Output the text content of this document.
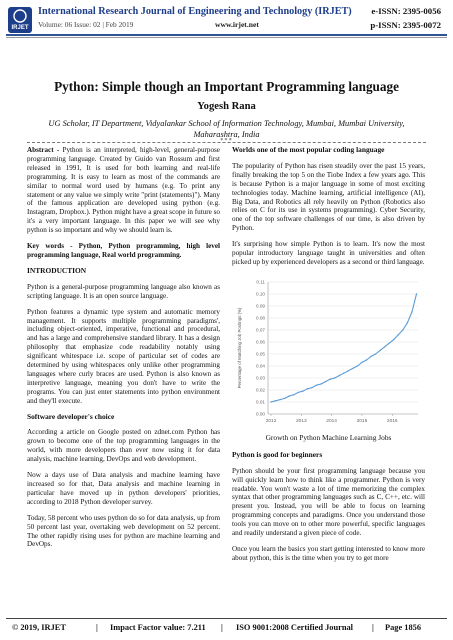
IRJET
International Research Journal of Engineering and Technology (IRJET)
Volume: 06 Issue: 02 | Feb 2019	www.irjet.net
e-ISSN: 2395-0056
p-ISSN: 2395-0072
Python: Simple though an Important Programming language
Yogesh Rana
UG Scholar, IT Department, Vidyalankar School of Information Technology, Mumbai, Mumbai University, Maharashtra, India
***

Abstract - Python is an interpreted, high-level, general-purpose programming language. Created by Guido van Rossum and first released in 1991, It is used for both learning and real-life programming. It is easy to learn as most of the commands are similar to normal word used by humans (e.g. To print any statement or any value we simply write "print (statements)"). Many of the famous application are developed using python (e.g. Instagram, Dropbox.). Python might have a great scope in future so it's a very important language. In this paper we will see why python is so important and why we should learn is.

Key words - Python, Python programming, high level programming language, Real world programming.

INTRODUCTION

Python is a general-purpose programming language also known as scripting language. It is an open source language.

Python features a dynamic type system and automatic memory management. It supports multiple programming paradigms', including object-oriented, imperative, functional and procedural, and has a large and comprehensive standard library. It has a design philosophy that emphasize code readability notably using significant whitespace i.e. scope of particular set of codes are determined by using whitespaces only unlike other programming languages where curly braces are used. Python is also known as interpretive language, meaning you don't have to write the programs. You can just enter statements into python environment and they'll execute.

Software developer's choice

According a article on Google posted on zdnet.com Python has grown to become one of the top programming languages in the world, with more developers than ever now using it for data analysis, machine learning, DevOps and web development.

Now a days use of Data analysis and machine learning have increased so for that, Data analysis and machine learning in particular have moved up in python developers' priorities, according to 2018 Python developer survey.

Today, 58 percent who uses python do so for data analysis, up from 50 percent last year, overtaking web development on 52 percent. The other rapidly rising uses for python are machine learning and DevOps.

Worlds one of the most popular coding language

The popularity of Python has risen steadily over the past 15 years, finally breaking the top 5 on the Tiobe Index a few years ago. This is because Python is a major language in some of most exciting technologies today. Machine learning, artificial intelligence (AI), Big Data, and Robotics all rely heavily on Python (Robotics also relies on C for its use in systems programming). Cyber Security, one of the top software challenges of our time, is also driven by Python.

It's surprising how simple Python is to learn. It's now the most popular introductory language taught in universities and often picked up by experienced developers as a second or third language.

0.00
0.01
0.02
0.03
0.04
0.05
0.06
0.07
0.08
0.09
0.10
0.11
2012	2013	2014	2015	2016
Percentage of Matching Job Postings (%)
Growth on Python Machine Learning Jobs
Python is good for beginners

Python should be your first programming language because you will quickly learn how to think like a programmer. Python is very readable. You won't waste a lot of time memorizing the complex syntax that other programming languages such as C, C++, etc. will present you. Instead, you will be able to focus on learning programming concepts and paradigms. Once you understand those tools you can move on to other more powerful, specific languages and readily understand a given piece of code.

Once you learn the basics you start getting interested to know more about python, this is the time when you try to get more

© 2019, IRJET	| Impact Factor value: 7.211 | ISO 9001:2008 Certified Journal | Page 1856
